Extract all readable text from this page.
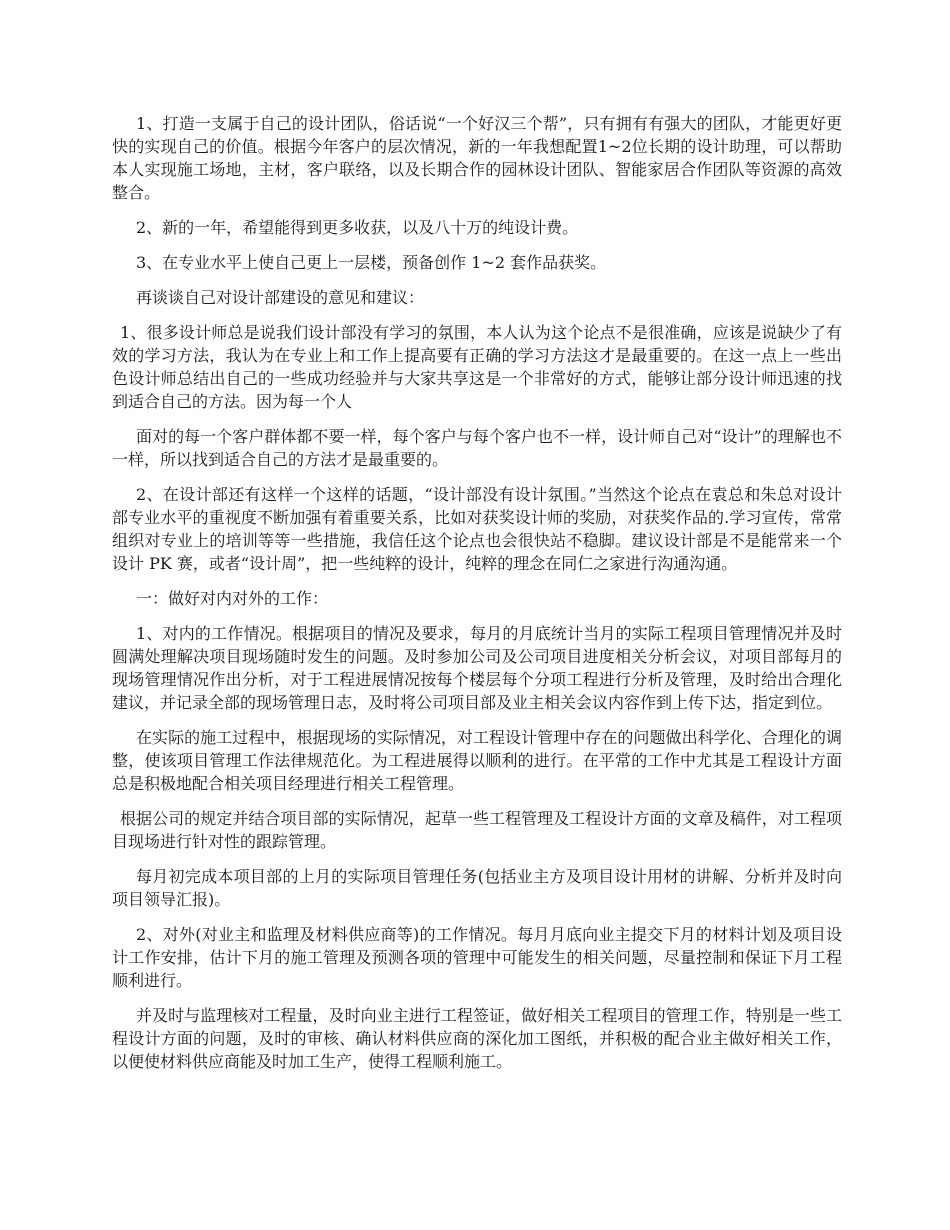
1、打造一支属于自己的设计团队，俗话说“一个好汉三个帮”，只有拥有有强大的团队，才能更好更快的实现自己的价值。根据今年客户的层次情况，新的一年我想配置1~2位长期的设计助理，可以帮助本人实现施工场地，主材，客户联络，以及长期合作的园林设计团队、智能家居合作团队等资源的高效整合。

2、新的一年，希望能得到更多收获，以及八十万的纯设计费。

3、在专业水平上使自己更上一层楼，预备创作 1~2 套作品获奖。

再谈谈自己对设计部建设的意见和建议：

1、很多设计师总是说我们设计部没有学习的氛围，本人认为这个论点不是很准确，应该是说缺少了有效的学习方法，我认为在专业上和工作上提高要有正确的学习方法这才是最重要的。在这一点上一些出色设计师总结出自己的一些成功经验并与大家共享这是一个非常好的方式，能够让部分设计师迅速的找到适合自己的方法。因为每一个人

面对的每一个客户群体都不要一样，每个客户与每个客户也不一样，设计师自己对“设计”的理解也不一样，所以找到适合自己的方法才是最重要的。

2、在设计部还有这样一个这样的话题，“设计部没有设计氛围。”当然这个论点在袁总和朱总对设计部专业水平的重视度不断加强有着重要关系，比如对获奖设计师的奖励，对获奖作品的.学习宣传，常常组织对专业上的培训等等一些措施，我信任这个论点也会很快站不稳脚。建议设计部是不是能常来一个设计 PK 赛，或者“设计周”，把一些纯粹的设计，纯粹的理念在同仁之家进行沟通沟通。

一：做好对内对外的工作：

1、对内的工作情况。根据项目的情况及要求，每月的月底统计当月的实际工程项目管理情况并及时圆满处理解决项目现场随时发生的问题。及时参加公司及公司项目进度相关分析会议，对项目部每月的现场管理情况作出分析，对于工程进展情况按每个楼层每个分项工程进行分析及管理，及时给出合理化建议，并记录全部的现场管理日志，及时将公司项目部及业主相关会议内容作到上传下达，指定到位。

在实际的施工过程中，根据现场的实际情况，对工程设计管理中存在的问题做出科学化、合理化的调整，使该项目管理工作法律规范化。为工程进展得以顺利的进行。在平常的工作中尤其是工程设计方面总是积极地配合相关项目经理进行相关工程管理。

根据公司的规定并结合项目部的实际情况，起草一些工程管理及工程设计方面的文章及稿件，对工程项目现场进行针对性的跟踪管理。

每月初完成本项目部的上月的实际项目管理任务(包括业主方及项目设计用材的讲解、分析并及时向项目领导汇报)。

2、对外(对业主和监理及材料供应商等)的工作情况。每月月底向业主提交下月的材料计划及项目设计工作安排，估计下月的施工管理及预测各项的管理中可能发生的相关问题，尽量控制和保证下月工程顺利进行。

并及时与监理核对工程量，及时向业主进行工程签证，做好相关工程项目的管理工作，特别是一些工程设计方面的问题，及时的审核、确认材料供应商的深化加工图纸，并积极的配合业主做好相关工作，以便使材料供应商能及时加工生产，使得工程顺利施工。
